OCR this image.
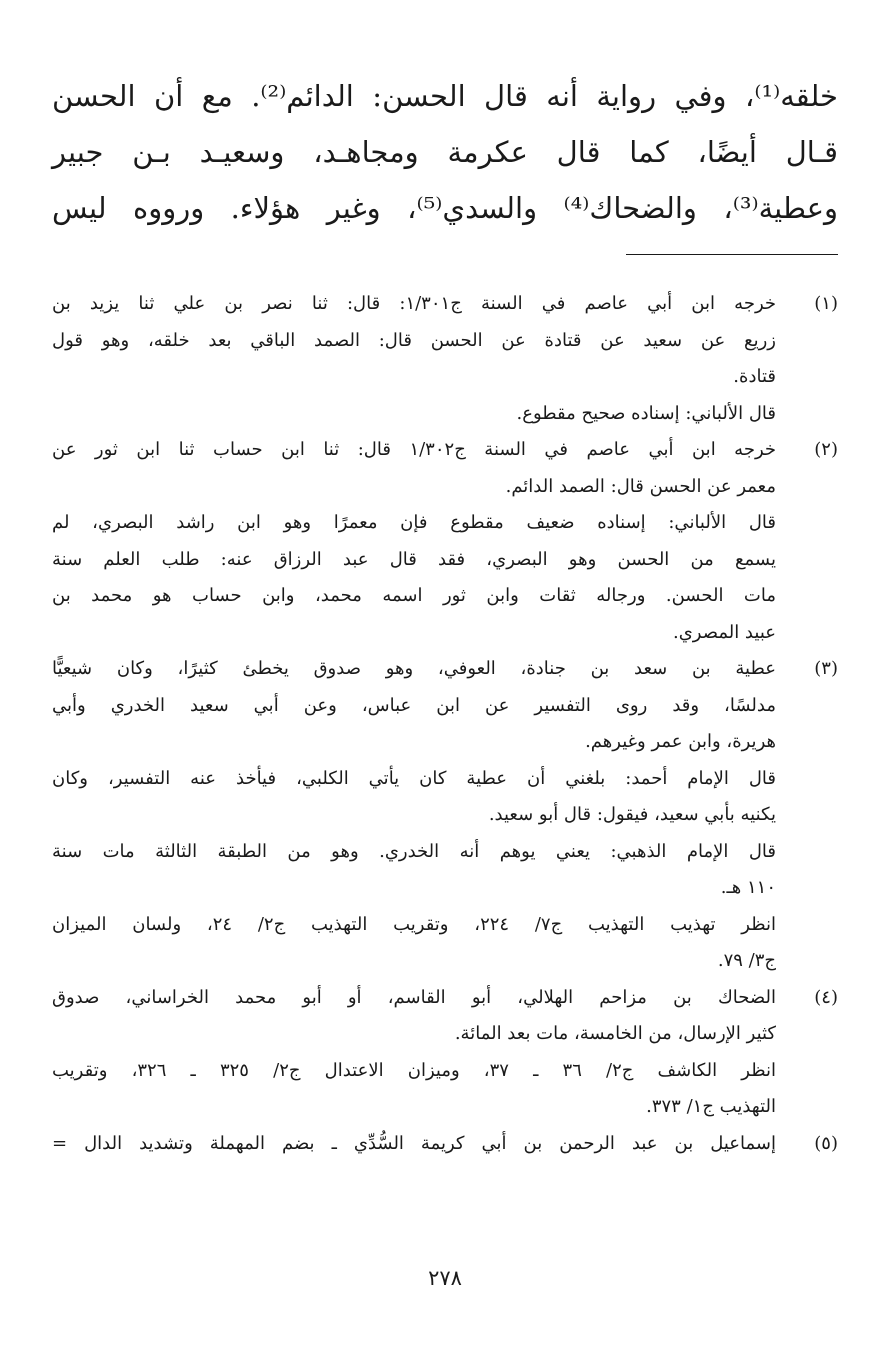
خلقه⁽¹⁾، وفي رواية أنه قال الحسن: الدائم⁽²⁾. مع أن الحسن
قـال أيضًا، كما قال عكرمة ومجاهـد، وسعيـد بـن جبير
وعطية⁽³⁾، والضحاك⁽⁴⁾ والسدي⁽⁵⁾، وغير هؤلاء. ورووه ليس
(١)
خرجه ابن أبي عاصم في السنة ج١/٣٠١: قال: ثنا نصر بن علي ثنا يزيد بن
زريع عن سعيد عن قتادة عن الحسن قال: الصمد الباقي بعد خلقه، وهو قول
قتادة.
قال الألباني: إسناده صحيح مقطوع.
(٢)
خرجه ابن أبي عاصم في السنة ج١/٣٠٢ قال: ثنا ابن حساب ثنا ابن ثور عن
معمر عن الحسن قال: الصمد الدائم.
قال الألباني: إسناده ضعيف مقطوع فإن معمرًا وهو ابن راشد البصري، لم
يسمع من الحسن وهو البصري، فقد قال عبد الرزاق عنه: طلب العلم سنة
مات الحسن. ورجاله ثقات وابن ثور اسمه محمد، وابن حساب هو محمد بن
عبيد المصري.
(٣)
عطية بن سعد بن جنادة، العوفي، وهو صدوق يخطئ كثيرًا، وكان شيعيًّا
مدلسًا، وقد روى التفسير عن ابن عباس، وعن أبي سعيد الخدري وأبي
هريرة، وابن عمر وغيرهم.
قال الإمام أحمد: بلغني أن عطية كان يأتي الكلبي، فيأخذ عنه التفسير، وكان
يكنيه بأبي سعيد، فيقول: قال أبو سعيد.
قال الإمام الذهبي: يعني يوهم أنه الخدري. وهو من الطبقة الثالثة مات سنة
١١٠ هـ.
انظر تهذيب التهذيب ج٧/ ٢٢٤، وتقريب التهذيب ج٢/ ٢٤، ولسان الميزان
ج٣/ ٧٩.
(٤)
الضحاك بن مزاحم الهلالي، أبو القاسم، أو أبو محمد الخراساني، صدوق
كثير الإرسال، من الخامسة، مات بعد المائة.
انظر الكاشف ج٢/ ٣٦ ـ ٣٧، وميزان الاعتدال ج٢/ ٣٢٥ ـ ٣٢٦، وتقريب
التهذيب ج١/ ٣٧٣.
(٥)
إسماعيل بن عبد الرحمن بن أبي كريمة السُّدِّي ـ بضم المهملة وتشديد الدال =
٢٧٨
